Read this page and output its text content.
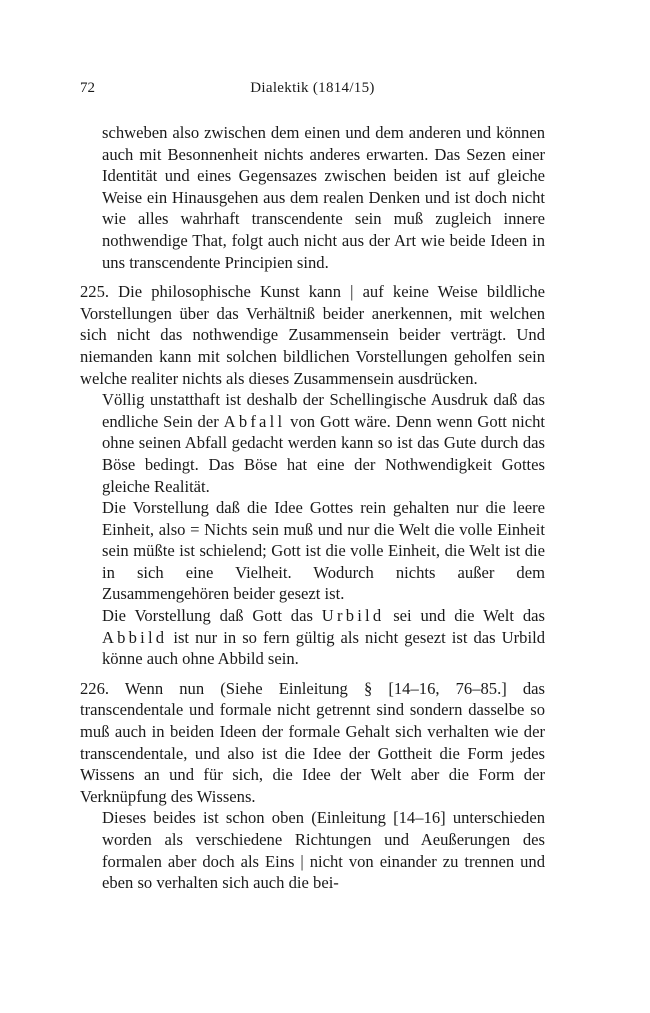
72	Dialektik (1814/15)

schweben also zwischen dem einen und dem anderen und können auch mit Besonnenheit nichts anderes erwarten. Das Sezen einer Identität und eines Gegensazes zwischen beiden ist auf gleiche Weise ein Hinausgehen aus dem realen Denken und ist doch nicht wie alles wahrhaft transcendente sein muß zugleich innere nothwendige That, folgt auch nicht aus der Art wie beide Ideen in uns transcendente Principien sind.

225. Die philosophische Kunst kann | auf keine Weise bildliche Vorstellungen über das Verhältniß beider anerkennen, mit welchen sich nicht das nothwendige Zusammensein beider verträgt. Und niemanden kann mit solchen bildlichen Vorstellungen geholfen sein welche realiter nichts als dieses Zusammensein ausdrücken.

Völlig unstatthaft ist deshalb der Schellingische Ausdruk daß das endliche Sein der Abfall von Gott wäre. Denn wenn Gott nicht ohne seinen Abfall gedacht werden kann so ist das Gute durch das Böse bedingt. Das Böse hat eine der Nothwendigkeit Gottes gleiche Realität.

Die Vorstellung daß die Idee Gottes rein gehalten nur die leere Einheit, also = Nichts sein muß und nur die Welt die volle Einheit sein müßte ist schielend; Gott ist die volle Einheit, die Welt ist die in sich eine Vielheit. Wodurch nichts außer dem Zusammengehören beider gesezt ist.

Die Vorstellung daß Gott das Urbild sei und die Welt das Abbild ist nur in so fern gültig als nicht gesezt ist das Urbild könne auch ohne Abbild sein.

226. Wenn nun (Siehe Einleitung § [14–16, 76–85.] das transcendentale und formale nicht getrennt sind sondern dasselbe so muß auch in beiden Ideen der formale Gehalt sich verhalten wie der transcendentale, und also ist die Idee der Gottheit die Form jedes Wissens an und für sich, die Idee der Welt aber die Form der Verknüpfung des Wissens.

Dieses beides ist schon oben (Einleitung [14–16] unterschieden worden als verschiedene Richtungen und Aeußerungen des formalen aber doch als Eins | nicht von einander zu trennen und eben so verhalten sich auch die bei-
